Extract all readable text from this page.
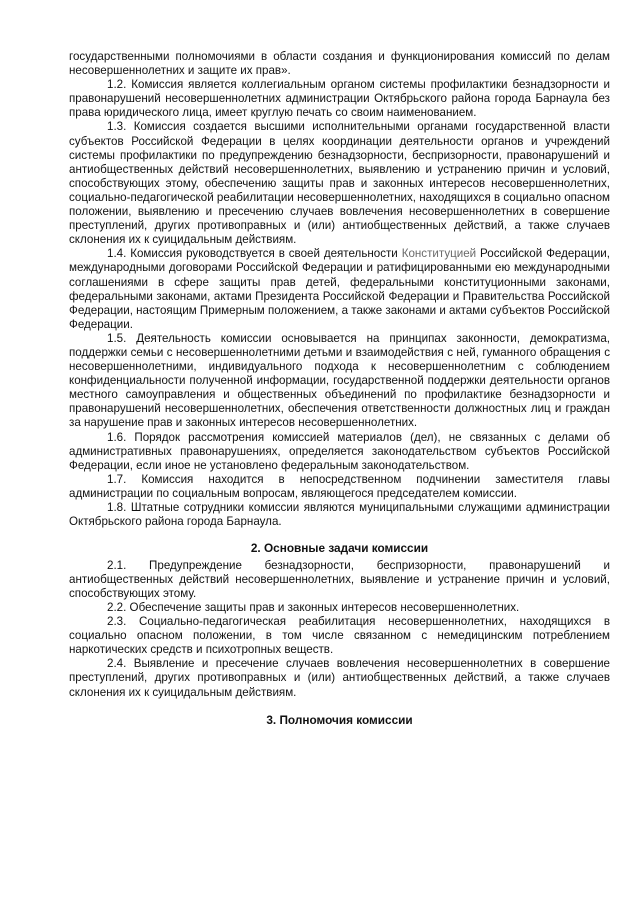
государственными полномочиями в области создания и функционирования комиссий по делам несовершеннолетних и защите их прав».

1.2. Комиссия является коллегиальным органом системы профилактики безнадзорности и правонарушений несовершеннолетних администрации Октябрьского района города Барнаула без права юридического лица, имеет круглую печать со своим наименованием.

1.3. Комиссия создается высшими исполнительными органами государственной власти субъектов Российской Федерации в целях координации деятельности органов и учреждений системы профилактики по предупреждению безнадзорности, беспризорности, правонарушений и антиобщественных действий несовершеннолетних, выявлению и устранению причин и условий, способствующих этому, обеспечению защиты прав и законных интересов несовершеннолетних, социально-педагогической реабилитации несовершеннолетних, находящихся в социально опасном положении, выявлению и пресечению случаев вовлечения несовершеннолетних в совершение преступлений, других противоправных и (или) антиобщественных действий, а также случаев склонения их к суицидальным действиям.

1.4. Комиссия руководствуется в своей деятельности Конституцией Российской Федерации, международными договорами Российской Федерации и ратифицированными ею международными соглашениями в сфере защиты прав детей, федеральными конституционными законами, федеральными законами, актами Президента Российской Федерации и Правительства Российской Федерации, настоящим Примерным положением, а также законами и актами субъектов Российской Федерации.

1.5. Деятельность комиссии основывается на принципах законности, демократизма, поддержки семьи с несовершеннолетними детьми и взаимодействия с ней, гуманного обращения с несовершеннолетними, индивидуального подхода к несовершеннолетним с соблюдением конфиденциальности полученной информации, государственной поддержки деятельности органов местного самоуправления и общественных объединений по профилактике безнадзорности и правонарушений несовершеннолетних, обеспечения ответственности должностных лиц и граждан за нарушение прав и законных интересов несовершеннолетних.

1.6. Порядок рассмотрения комиссией материалов (дел), не связанных с делами об административных правонарушениях, определяется законодательством субъектов Российской Федерации, если иное не установлено федеральным законодательством.

1.7. Комиссия находится в непосредственном подчинении заместителя главы администрации по социальным вопросам, являющегося председателем комиссии.

1.8. Штатные сотрудники комиссии являются муниципальными служащими администрации Октябрьского района города Барнаула.

2. Основные задачи комиссии

2.1. Предупреждение безнадзорности, беспризорности, правонарушений и антиобщественных действий несовершеннолетних, выявление и устранение причин и условий, способствующих этому.

2.2. Обеспечение защиты прав и законных интересов несовершеннолетних.

2.3. Социально-педагогическая реабилитация несовершеннолетних, находящихся в социально опасном положении, в том числе связанном с немедицинским потреблением наркотических средств и психотропных веществ.

2.4. Выявление и пресечение случаев вовлечения несовершеннолетних в совершение преступлений, других противоправных и (или) антиобщественных действий, а также случаев склонения их к суицидальным действиям.

3. Полномочия комиссии
